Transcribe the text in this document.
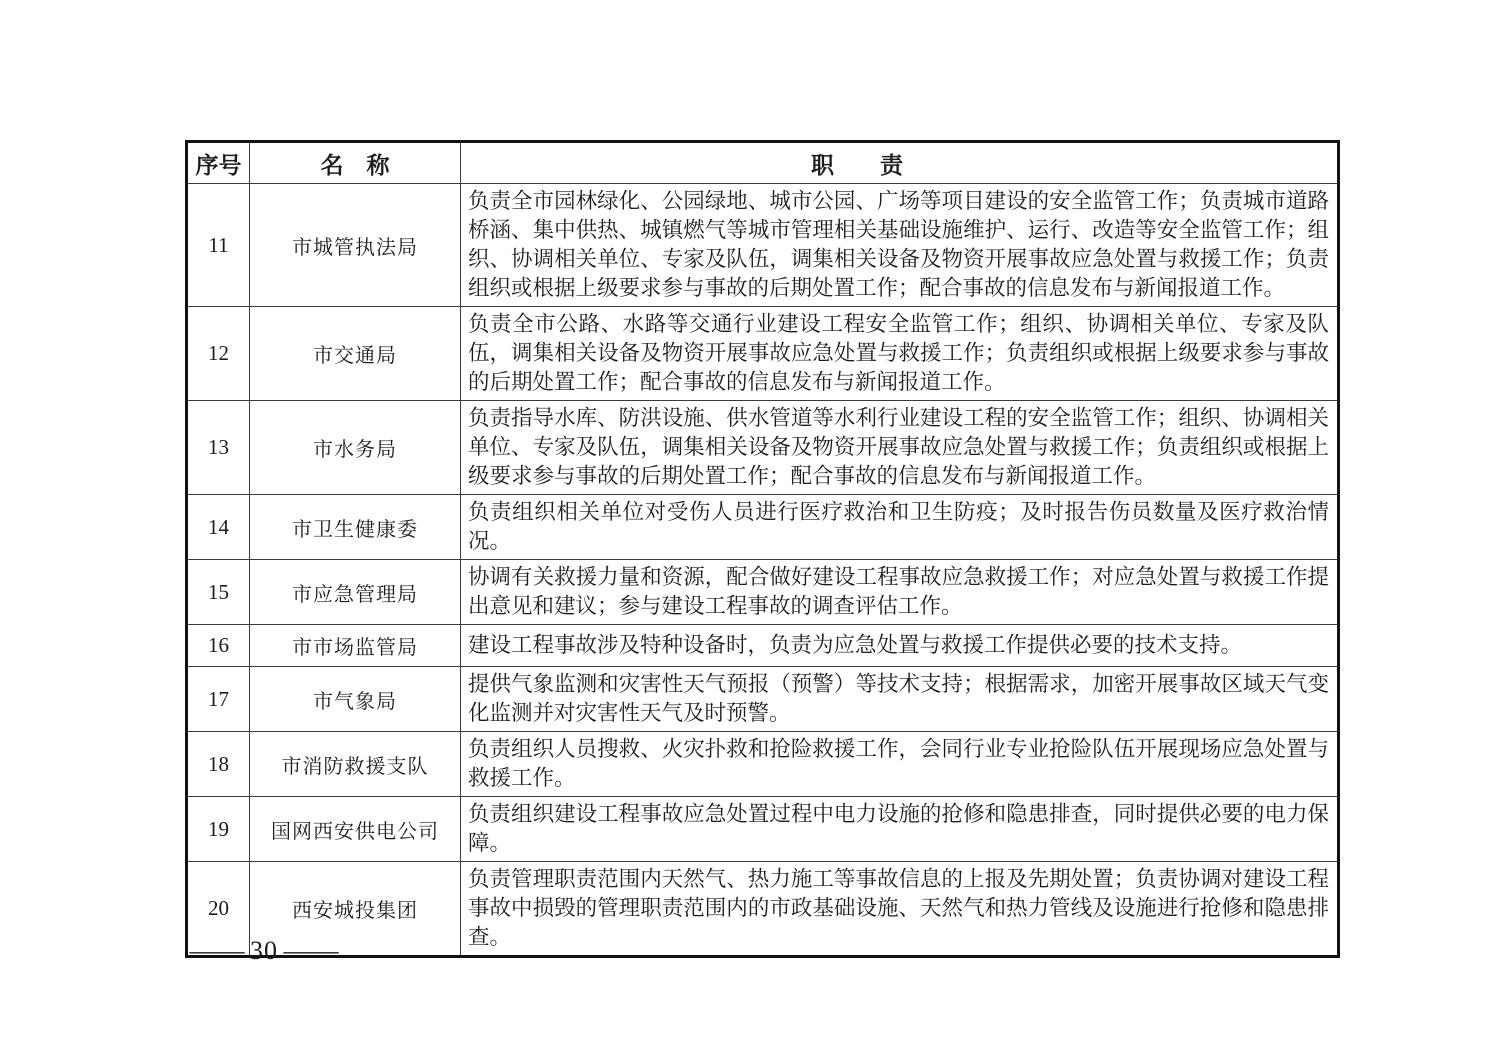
序号	名　称	职　　责
11	市城管执法局	负责全市园林绿化、公园绿地、城市公园、广场等项目建设的安全监管工作；负责城市道路桥涵、集中供热、城镇燃气等城市管理相关基础设施维护、运行、改造等安全监管工作；组织、协调相关单位、专家及队伍，调集相关设备及物资开展事故应急处置与救援工作；负责组织或根据上级要求参与事故的后期处置工作；配合事故的信息发布与新闻报道工作。
12	市交通局	负责全市公路、水路等交通行业建设工程安全监管工作；组织、协调相关单位、专家及队伍，调集相关设备及物资开展事故应急处置与救援工作；负责组织或根据上级要求参与事故的后期处置工作；配合事故的信息发布与新闻报道工作。
13	市水务局	负责指导水库、防洪设施、供水管道等水利行业建设工程的安全监管工作；组织、协调相关单位、专家及队伍，调集相关设备及物资开展事故应急处置与救援工作；负责组织或根据上级要求参与事故的后期处置工作；配合事故的信息发布与新闻报道工作。
14	市卫生健康委	负责组织相关单位对受伤人员进行医疗救治和卫生防疫；及时报告伤员数量及医疗救治情况。
15	市应急管理局	协调有关救援力量和资源，配合做好建设工程事故应急救援工作；对应急处置与救援工作提出意见和建议；参与建设工程事故的调查评估工作。
16	市市场监管局	建设工程事故涉及特种设备时，负责为应急处置与救援工作提供必要的技术支持。
17	市气象局	提供气象监测和灾害性天气预报（预警）等技术支持；根据需求，加密开展事故区域天气变化监测并对灾害性天气及时预警。
18	市消防救援支队	负责组织人员搜救、火灾扑救和抢险救援工作，会同行业专业抢险队伍开展现场应急处置与救援工作。
19	国网西安供电公司	负责组织建设工程事故应急处置过程中电力设施的抢修和隐患排查，同时提供必要的电力保障。
20	西安城投集团	负责管理职责范围内天然气、热力施工等事故信息的上报及先期处置；负责协调对建设工程事故中损毁的管理职责范围内的市政基础设施、天然气和热力管线及设施进行抢修和隐患排查。
— 30 —
